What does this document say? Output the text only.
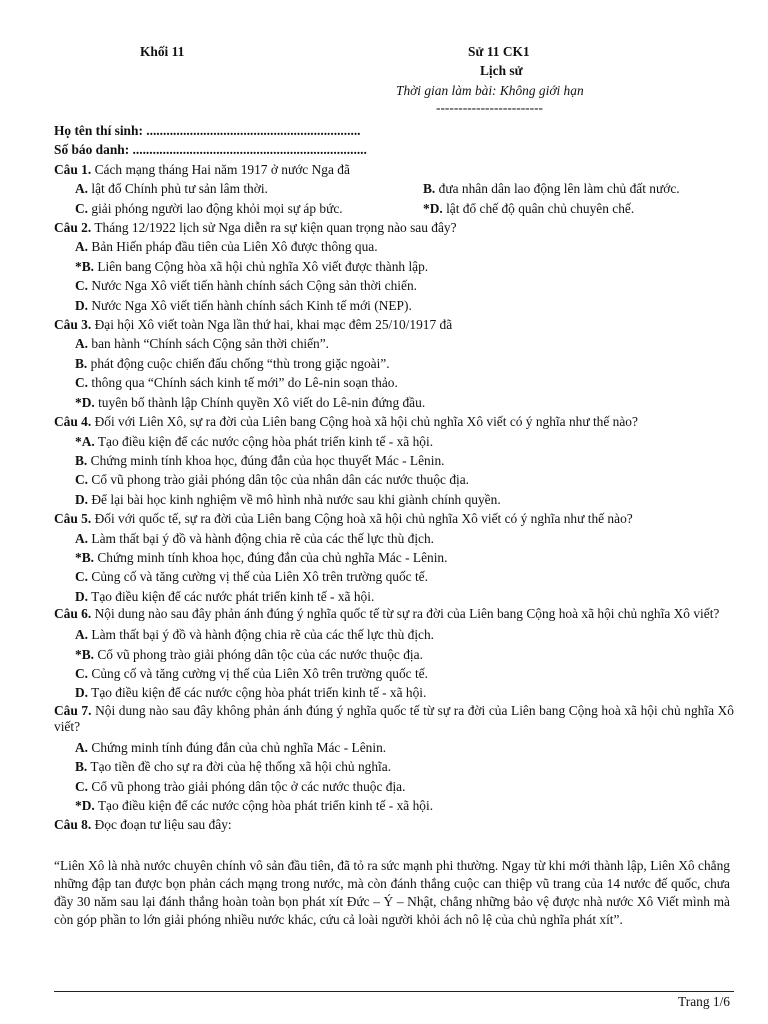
Khối 11	Sử 11 CK1
Lịch sử
Thời gian làm bài: Không giới hạn
------------------------
Họ tên thí sinh: ................................................................
Số báo danh: ......................................................................
Câu 1. Cách mạng tháng Hai năm 1917 ở nước Nga đã
A. lật đổ Chính phủ tư sản lâm thời.	B. đưa nhân dân lao động lên làm chủ đất nước.
C. giải phóng người lao động khỏi mọi sự áp bức.	*D. lật đổ chế độ quân chủ chuyên chế.
Câu 2. Tháng 12/1922 lịch sử Nga diễn ra sự kiện quan trọng nào sau đây?
A. Bản Hiến pháp đầu tiên của Liên Xô được thông qua.
*B. Liên bang Cộng hòa xã hội chủ nghĩa Xô viết được thành lập.
C. Nước Nga Xô viết tiến hành chính sách Cộng sản thời chiến.
D. Nước Nga Xô viết tiến hành chính sách Kinh tế mới (NEP).
Câu 3. Đại hội Xô viết toàn Nga lần thứ hai, khai mạc đêm 25/10/1917 đã
A. ban hành “Chính sách Cộng sản thời chiến”.
B. phát động cuộc chiến đấu chống “thù trong giặc ngoài”.
C. thông qua “Chính sách kinh tế mới” do Lê-nin soạn thảo.
*D. tuyên bố thành lập Chính quyền Xô viết do Lê-nin đứng đầu.
Câu 4. Đối với Liên Xô, sự ra đời của Liên bang Cộng hoà xã hội chủ nghĩa Xô viết có ý nghĩa như thế nào?
*A. Tạo điều kiện để các nước cộng hòa phát triển kinh tế - xã hội.
B. Chứng minh tính khoa học, đúng đắn của học thuyết Mác - Lênin.
C. Cổ vũ phong trào giải phóng dân tộc của nhân dân các nước thuộc địa.
D. Để lại bài học kinh nghiệm về mô hình nhà nước sau khi giành chính quyền.
Câu 5. Đối với quốc tế, sự ra đời của Liên bang Cộng hoà xã hội chủ nghĩa Xô viết có ý nghĩa như thế nào?
A. Làm thất bại ý đồ và hành động chia rẽ của các thế lực thù địch.
*B. Chứng minh tính khoa học, đúng đắn của chủ nghĩa Mác - Lênin.
C. Củng cố và tăng cường vị thế của Liên Xô trên trường quốc tế.
D. Tạo điều kiện để các nước phát triển kinh tế - xã hội.
Câu 6. Nội dung nào sau đây phản ánh đúng ý nghĩa quốc tế từ sự ra đời của Liên bang Cộng hoà xã hội chủ nghĩa Xô viết?
A. Làm thất bại ý đồ và hành động chia rẽ của các thế lực thù địch.
*B. Cổ vũ phong trào giải phóng dân tộc của các nước thuộc địa.
C. Củng cố và tăng cường vị thế của Liên Xô trên trường quốc tế.
D. Tạo điều kiện để các nước cộng hòa phát triển kinh tế - xã hội.
Câu 7. Nội dung nào sau đây không phản ánh đúng ý nghĩa quốc tế từ sự ra đời của Liên bang Cộng hoà xã hội chủ nghĩa Xô viết?
A. Chứng minh tính đúng đắn của chủ nghĩa Mác - Lênin.
B. Tạo tiền đề cho sự ra đời của hệ thống xã hội chủ nghĩa.
C. Cổ vũ phong trào giải phóng dân tộc ở các nước thuộc địa.
*D. Tạo điều kiện để các nước cộng hòa phát triển kinh tế - xã hội.
Câu 8. Đọc đoạn tư liệu sau đây:
“Liên Xô là nhà nước chuyên chính vô sản đầu tiên, đã tỏ ra sức mạnh phi thường. Ngay từ khi mới thành lập, Liên Xô chẳng những đập tan được bọn phản cách mạng trong nước, mà còn đánh thắng cuộc can thiệp vũ trang của 14 nước đế quốc, chưa đầy 30 năm sau lại đánh thắng hoàn toàn bọn phát xít Đức – Ý – Nhật, chẳng những bảo vệ được nhà nước Xô Viết mình mà còn góp phần to lớn giải phóng nhiều nước khác, cứu cả loài người khỏi ách nô lệ của chủ nghĩa phát xít”.
Trang 1/6
